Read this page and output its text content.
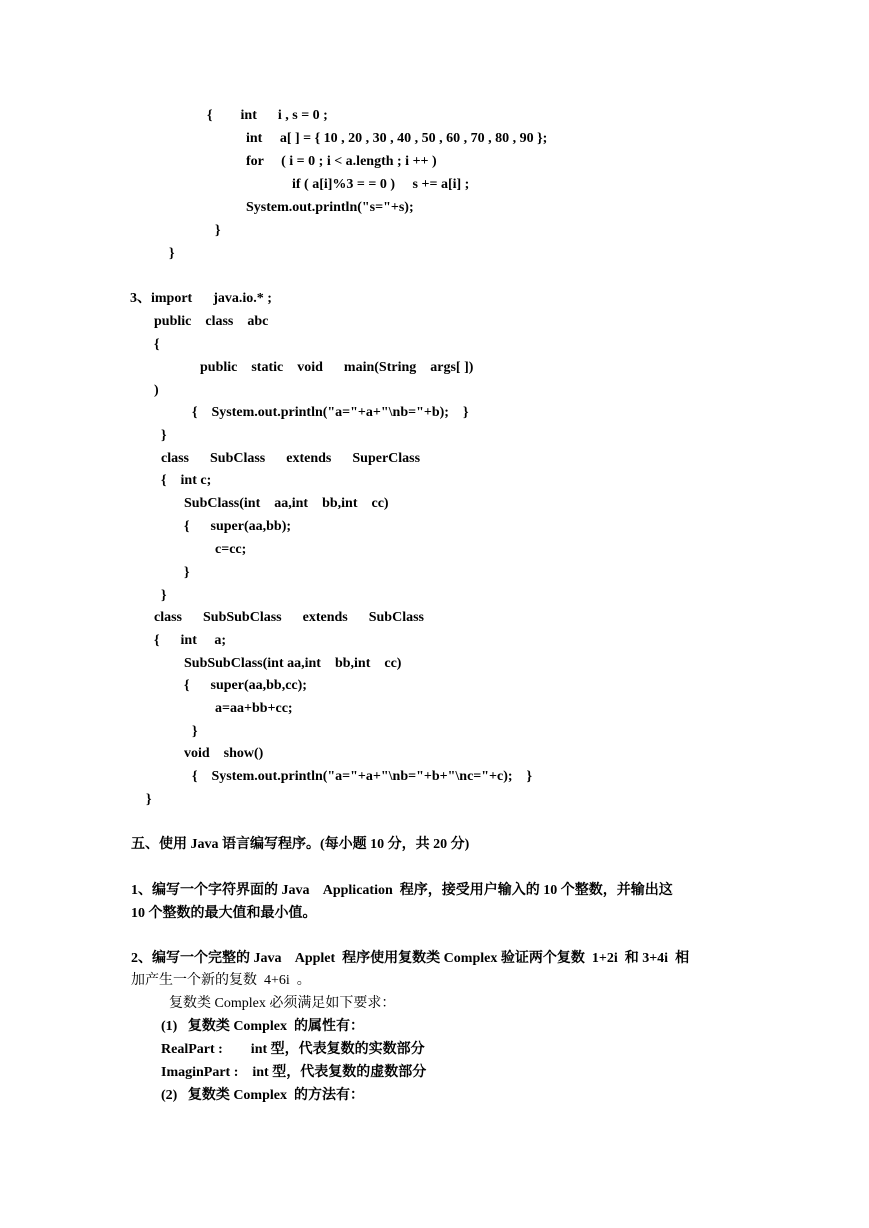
{        int      i , s = 0 ;

int     a[ ] = { 10 , 20 , 30 , 40 , 50 , 60 , 70 , 80 , 90 };

for     ( i = 0 ; i < a.length ; i ++ )

if ( a[i]%3 = = 0 )     s += a[i] ;

System.out.println("s="+s);

}

}

3、import      java.io.* ;

public    class    abc

{

public    static    void      main(String    args[ ])

)

{    System.out.println("a="+a+"\nb="+b);    }

}

class      SubClass      extends      SuperClass

{    int c;

SubClass(int    aa,int    bb,int    cc)

{      super(aa,bb);

c=cc;

}

}

class      SubSubClass      extends      SubClass

{      int     a;

SubSubClass(int aa,int    bb,int    cc)

{      super(aa,bb,cc);

a=aa+bb+cc;

}

void    show()

{    System.out.println("a="+a+"\nb="+b+"\nc="+c);    }

}

五、使用 Java 语言编写程序。(每小题 10 分，共 20 分)

1、编写一个字符界面的 Java    Application  程序，接受用户输入的 10 个整数，并输出这

10 个整数的最大值和最小值。

2、编写一个完整的 Java    Applet  程序使用复数类 Complex 验证两个复数  1+2i  和 3+4i  相

加产生一个新的复数  4+6i  。

复数类 Complex 必须满足如下要求：

(1)   复数类 Complex  的属性有：

RealPart :        int 型，代表复数的实数部分

ImaginPart :    int 型，代表复数的虚数部分

(2)   复数类 Complex  的方法有：
